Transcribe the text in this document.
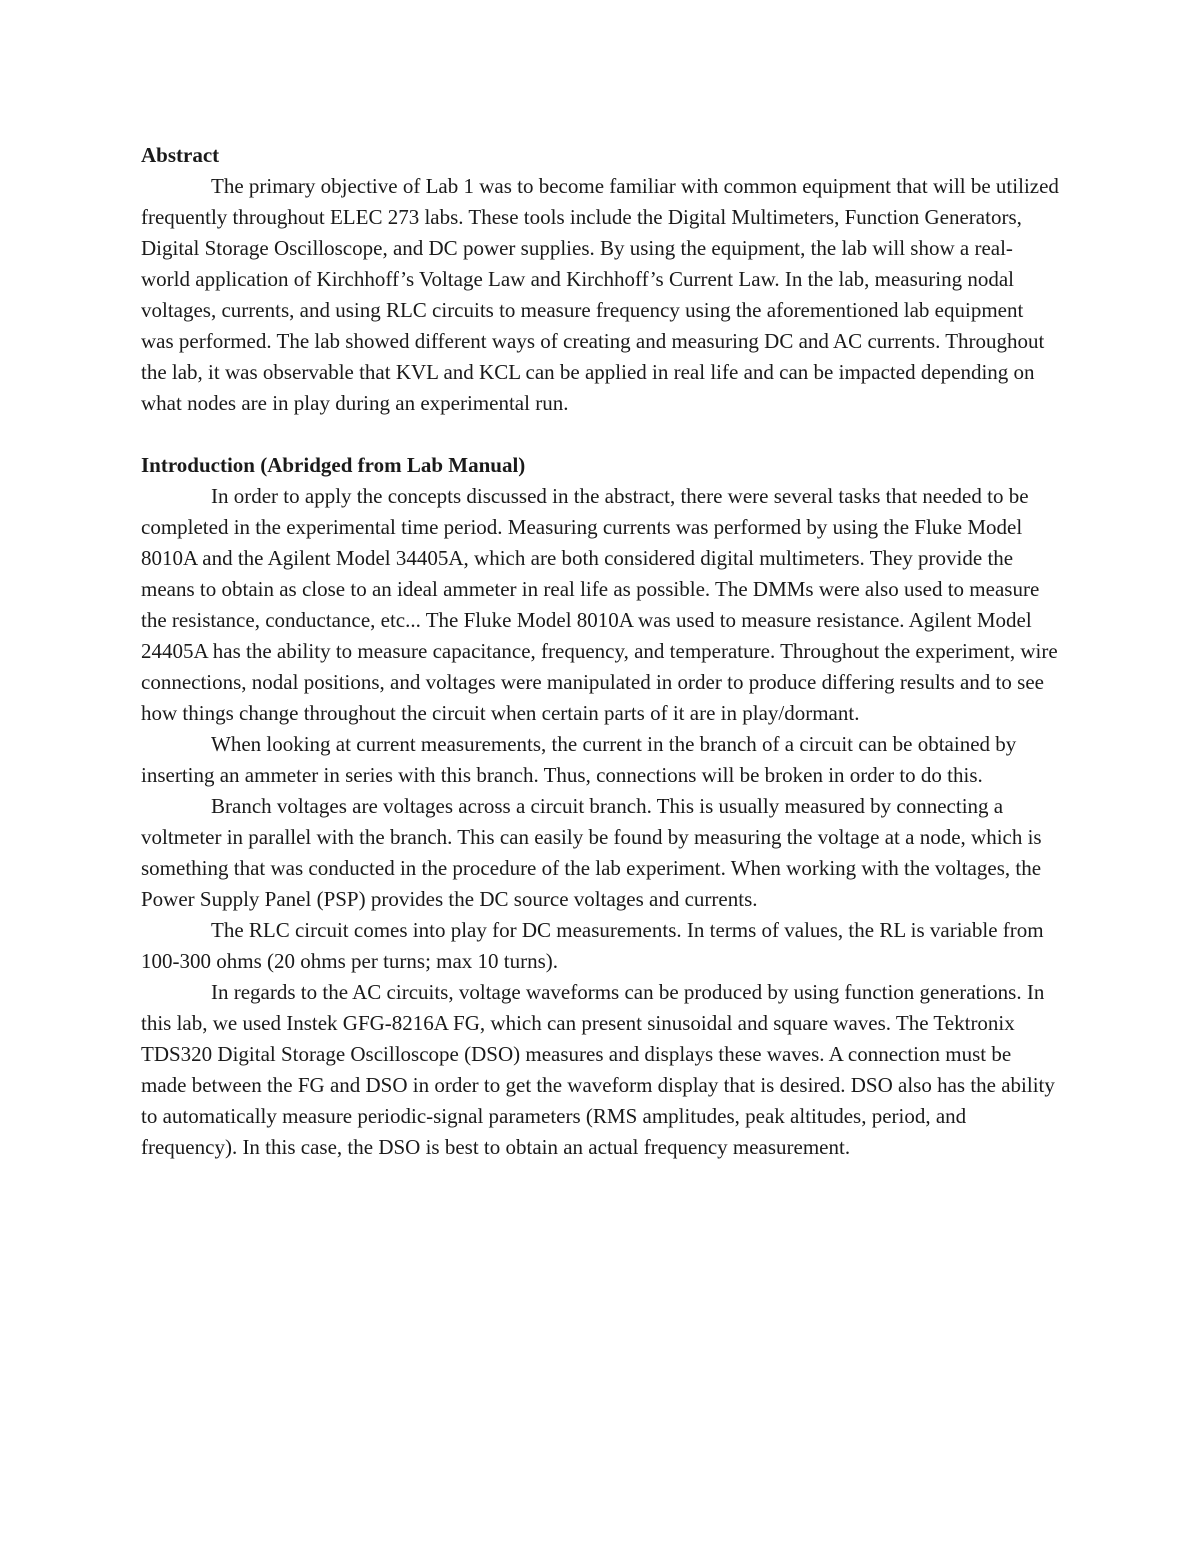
Abstract

The primary objective of Lab 1 was to become familiar with common equipment that will be utilized frequently throughout ELEC 273 labs. These tools include the Digital Multimeters, Function Generators, Digital Storage Oscilloscope, and DC power supplies. By using the equipment, the lab will show a real-world application of Kirchhoff’s Voltage Law and Kirchhoff’s Current Law. In the lab, measuring nodal voltages, currents, and using RLC circuits to measure frequency using the aforementioned lab equipment was performed. The lab showed different ways of creating and measuring DC and AC currents. Throughout the lab, it was observable that KVL and KCL can be applied in real life and can be impacted depending on what nodes are in play during an experimental run.

Introduction (Abridged from Lab Manual)

In order to apply the concepts discussed in the abstract, there were several tasks that needed to be completed in the experimental time period. Measuring currents was performed by using the Fluke Model 8010A and the Agilent Model 34405A, which are both considered digital multimeters. They provide the means to obtain as close to an ideal ammeter in real life as possible. The DMMs were also used to measure the resistance, conductance, etc... The Fluke Model 8010A was used to measure resistance. Agilent Model 24405A has the ability to measure capacitance, frequency, and temperature. Throughout the experiment, wire connections, nodal positions, and voltages were manipulated in order to produce differing results and to see how things change throughout the circuit when certain parts of it are in play/dormant.

When looking at current measurements, the current in the branch of a circuit can be obtained by inserting an ammeter in series with this branch. Thus, connections will be broken in order to do this.

Branch voltages are voltages across a circuit branch. This is usually measured by connecting a voltmeter in parallel with the branch. This can easily be found by measuring the voltage at a node, which is something that was conducted in the procedure of the lab experiment. When working with the voltages, the Power Supply Panel (PSP) provides the DC source voltages and currents.

The RLC circuit comes into play for DC measurements. In terms of values, the RL is variable from 100-300 ohms (20 ohms per turns; max 10 turns).

In regards to the AC circuits, voltage waveforms can be produced by using function generations. In this lab, we used Instek GFG-8216A FG, which can present sinusoidal and square waves. The Tektronix TDS320 Digital Storage Oscilloscope (DSO) measures and displays these waves. A connection must be made between the FG and DSO in order to get the waveform display that is desired. DSO also has the ability to automatically measure periodic-signal parameters (RMS amplitudes, peak altitudes, period, and frequency). In this case, the DSO is best to obtain an actual frequency measurement.
